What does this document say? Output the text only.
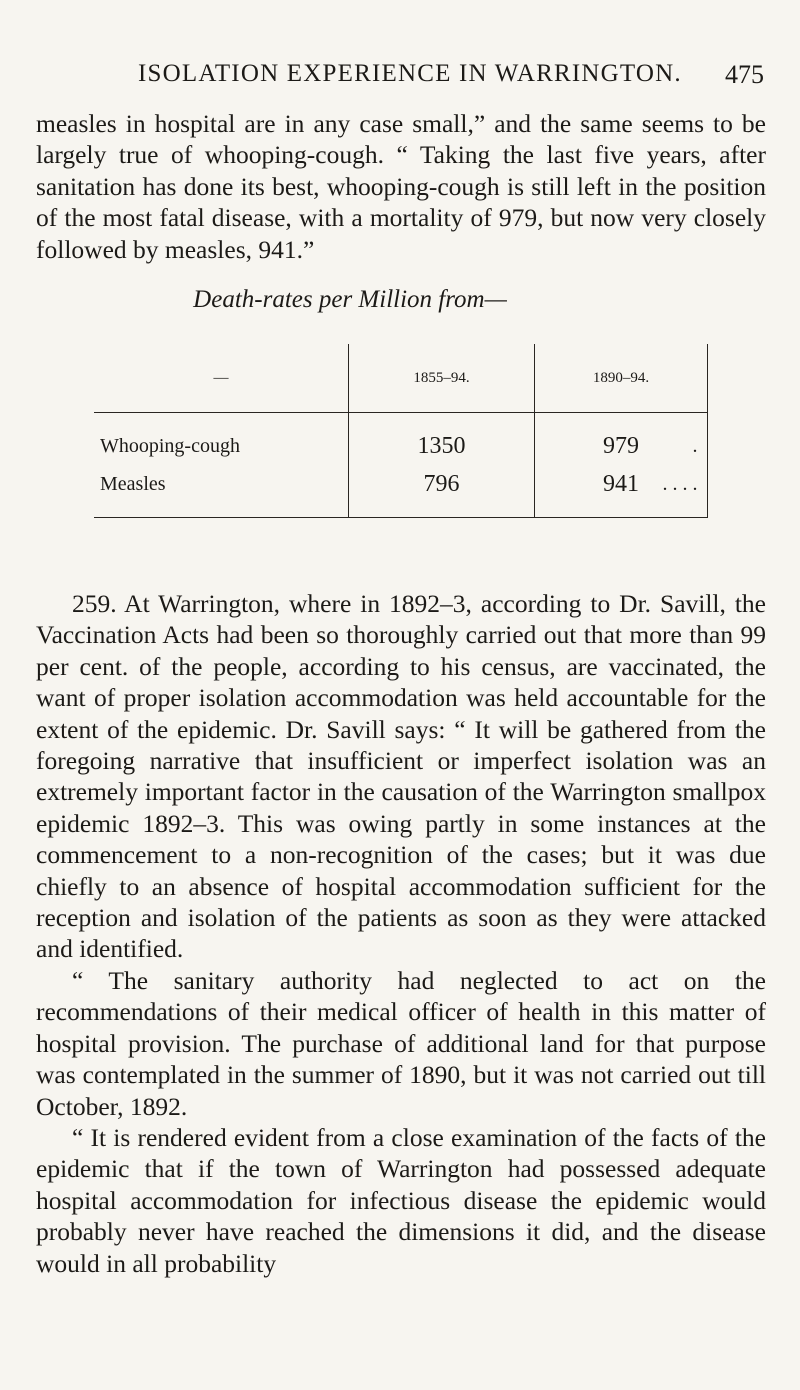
ISOLATION EXPERIENCE IN WARRINGTON. 475

measles in hospital are in any case small,” and the same seems to be largely true of whooping-cough. “ Taking the last five years, after sanitation has done its best, whooping-cough is still left in the position of the most fatal disease, with a mortality of 979, but now very closely followed by measles, 941.”

Death-rates per Million from—
—	1855–94.	1890–94.
Whooping-cough .	1350	979
Measles . . . .	796	941

259. At Warrington, where in 1892–3, according to Dr. Savill, the Vaccination Acts had been so thoroughly carried out that more than 99 per cent. of the people, according to his census, are vaccinated, the want of proper isolation accommodation was held accountable for the extent of the epidemic. Dr. Savill says: “ It will be gathered from the foregoing narrative that insufficient or imperfect isolation was an extremely important factor in the causation of the Warrington smallpox epidemic 1892–3. This was owing partly in some instances at the commencement to a non-recognition of the cases; but it was due chiefly to an absence of hospital accommodation sufficient for the reception and isolation of the patients as soon as they were attacked and identified.

“ The sanitary authority had neglected to act on the recommendations of their medical officer of health in this matter of hospital provision. The purchase of additional land for that purpose was contemplated in the summer of 1890, but it was not carried out till October, 1892.

“ It is rendered evident from a close examination of the facts of the epidemic that if the town of Warrington had possessed adequate hospital accommodation for infectious disease the epidemic would probably never have reached the dimensions it did, and the disease would in all probability
